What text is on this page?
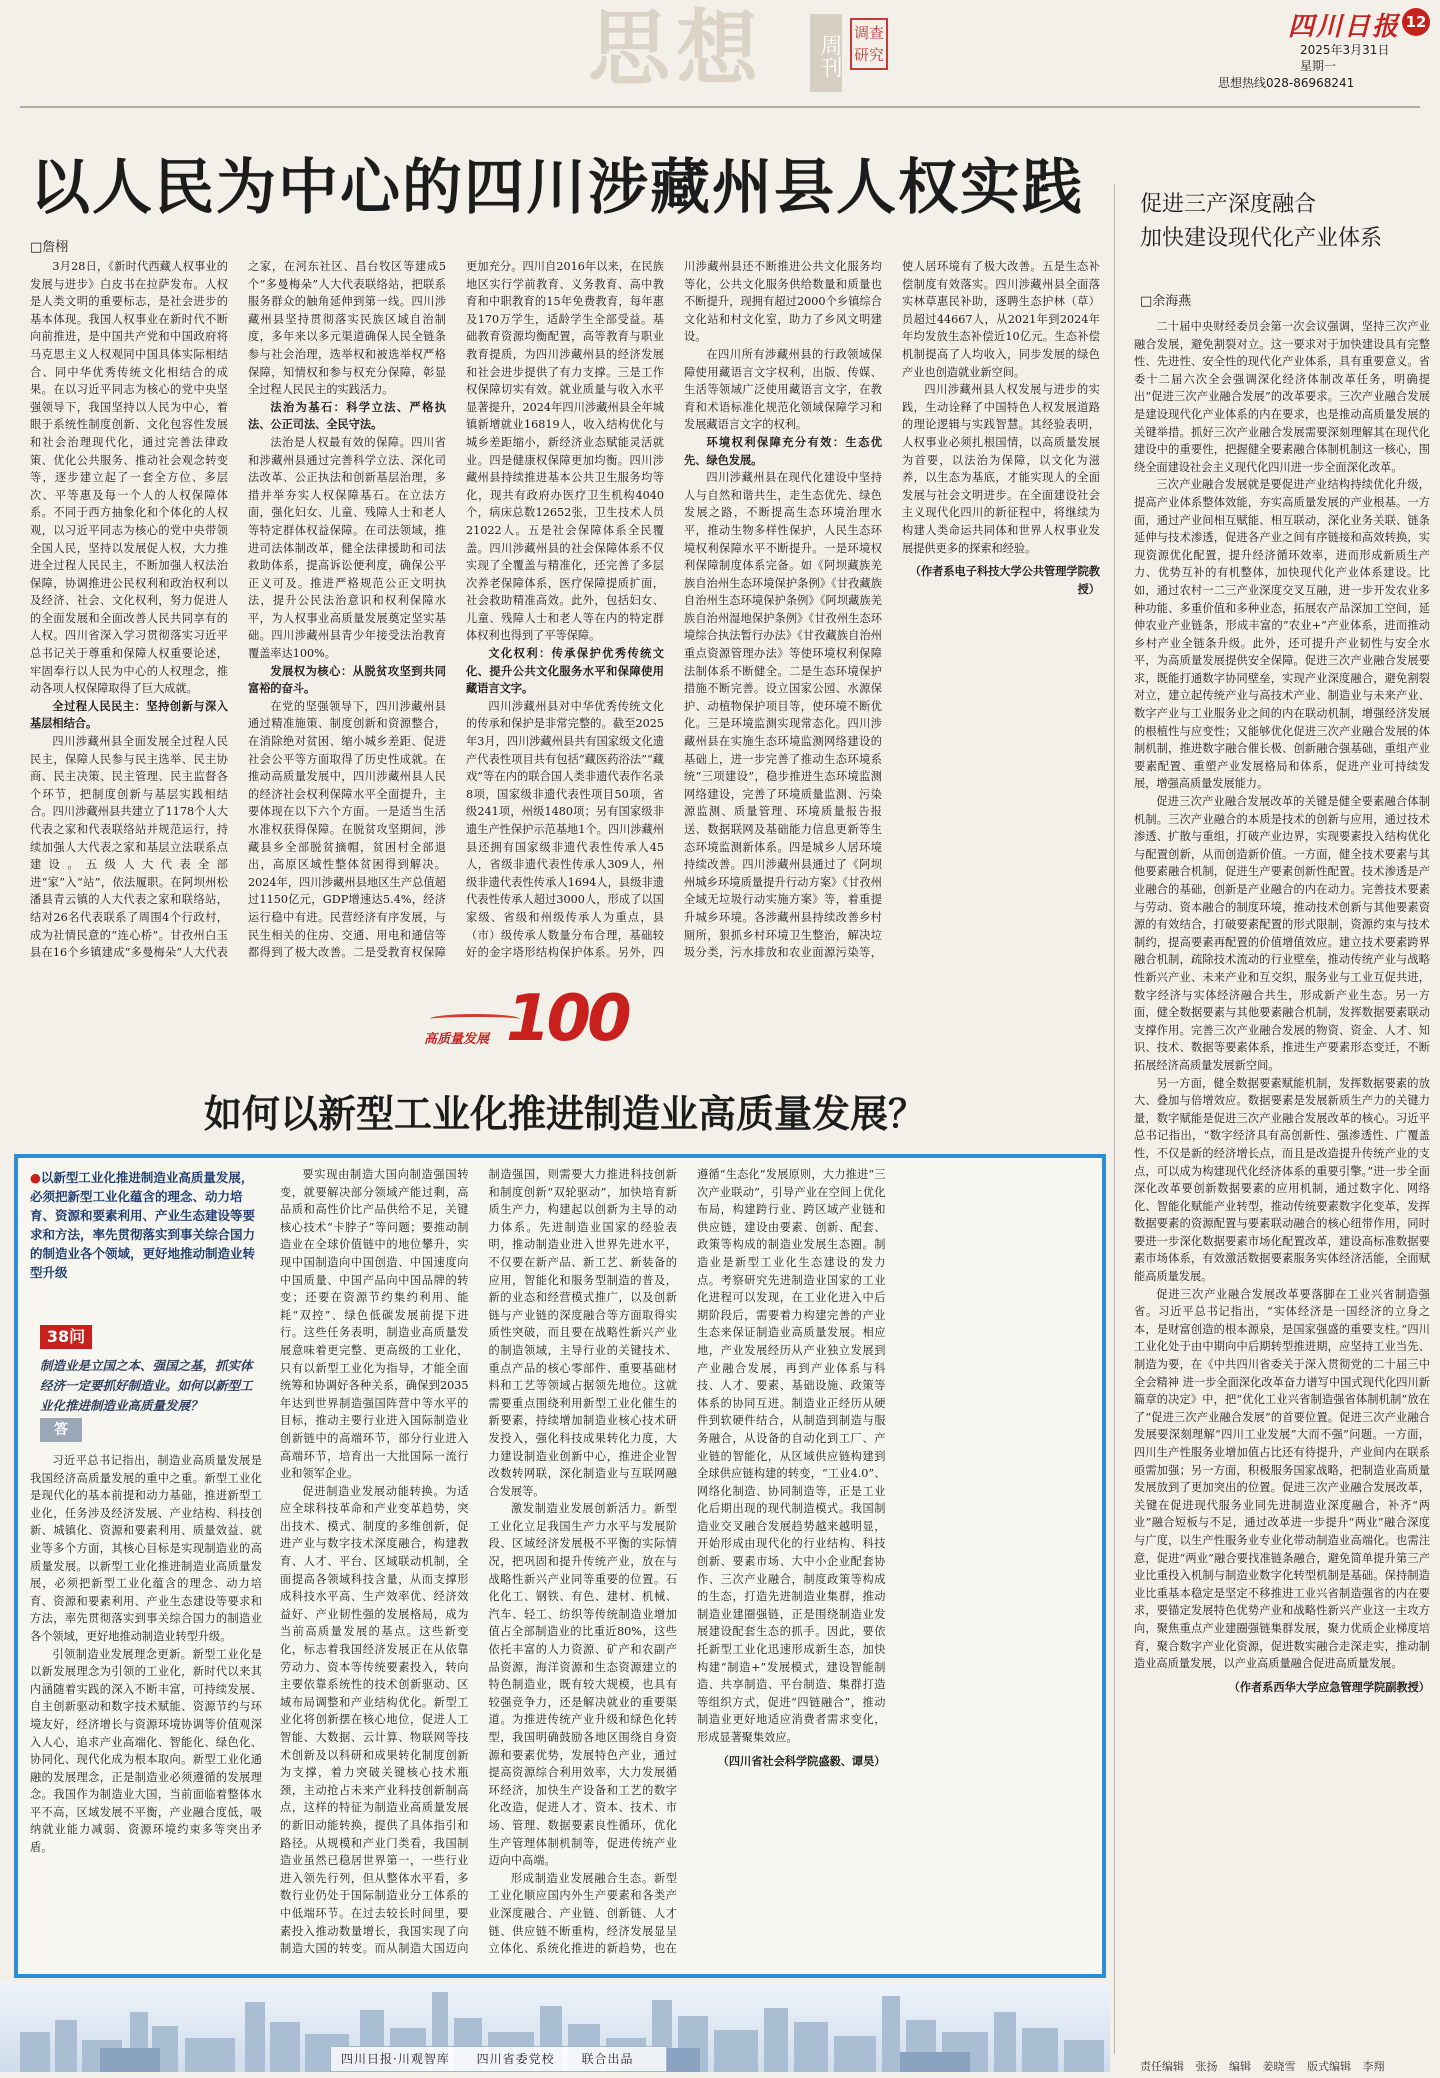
思想	周刊
调查研究
四川日报 12
2025年3月31日
星期一
思想热线028-86968241
以人民为中心的四川涉藏州县人权实践
□詹栩

3月28日，《新时代西藏人权事业的发展与进步》白皮书在拉萨发布。人权是人类文明的重要标志，是社会进步的基本体现。我国人权事业在新时代不断向前推进，是中国共产党和中国政府将马克思主义人权观同中国具体实际相结合、同中华优秀传统文化相结合的成果。在以习近平同志为核心的党中央坚强领导下，我国坚持以人民为中心，着眼于系统性制度创新、文化包容性发展和社会治理现代化，通过完善法律政策、优化公共服务、推动社会观念转变等，逐步建立起了一套全方位、多层次、平等惠及每一个人的人权保障体系。不同于西方抽象化和个体化的人权观，以习近平同志为核心的党中央带领全国人民，坚持以发展促人权，大力推进全过程人民民主，不断加强人权法治保障，协调推进公民权利和政治权利以及经济、社会、文化权利，努力促进人的全面发展和全面改善人民共同享有的人权。四川省深入学习贯彻落实习近平总书记关于尊重和保障人权重要论述，牢固奉行以人民为中心的人权理念，推动各项人权保障取得了巨大成就。

全过程人民民主：坚持创新与深入基层相结合。

四川涉藏州县全面发展全过程人民民主，保障人民参与民主选举、民主协商、民主决策、民主管理、民主监督各个环节，把制度创新与基层实践相结合。四川涉藏州县共建立了1178个人大代表之家和代表联络站并规范运行，持续加强人大代表之家和基层立法联系点建设。五级人大代表全部进“家”入“站”，依法履职。在阿坝州松潘县青云镇的人大代表之家和联络站，结对26名代表联系了周围4个行政村，成为社情民意的“连心桥”。甘孜州白玉县在16个乡镇建成“多曼梅朵”人大代表之家，在河东社区、昌台牧区等建成5个“多曼梅朵”人大代表联络站，把联系服务群众的触角延伸到第一线。四川涉藏州县坚持贯彻落实民族区域自治制度，多年来以多元渠道确保人民全链条参与社会治理，选举权和被选举权严格保障，知情权和参与权充分保障，彰显全过程人民民主的实践活力。

法治为基石：科学立法、严格执法、公正司法、全民守法。

法治是人权最有效的保障。四川省和涉藏州县通过完善科学立法、深化司法改革、公正执法和创新基层治理，多措并举夯实人权保障基石。在立法方面，强化妇女、儿童、残障人士和老人等特定群体权益保障。在司法领域，推进司法体制改革，健全法律援助和司法救助体系，提高诉讼便利度，确保公平正义可及。推进严格规范公正文明执法，提升公民法治意识和权利保障水平，为人权事业高质量发展奠定坚实基础。四川涉藏州县青少年接受法治教育覆盖率达100%。

发展权为核心：从脱贫攻坚到共同富裕的奋斗。

在党的坚强领导下，四川涉藏州县通过精准施策、制度创新和资源整合，在消除绝对贫困、缩小城乡差距、促进社会公平等方面取得了历史性成就。在推动高质量发展中，四川涉藏州县人民的经济社会权利保障水平全面提升，主要体现在以下六个方面。一是适当生活水准权获得保障。在脱贫攻坚期间，涉藏县乡全部脱贫摘帽，贫困村全部退出，高原区域性整体贫困得到解决。2024年，四川涉藏州县地区生产总值超过1150亿元，GDP增速达5.4%，经济运行稳中有进。民营经济有序发展，与民生相关的住房、交通、用电和通信等都得到了极大改善。二是受教育权保障更加充分。四川自2016年以来，在民族地区实行学前教育、义务教育、高中教育和中职教育的15年免费教育，每年惠及170万学生，适龄学生全部受益。基础教育资源均衡配置，高等教育与职业教育提质，为四川涉藏州县的经济发展和社会进步提供了有力支撑。三是工作权保障切实有效。就业质量与收入水平显著提升，2024年四川涉藏州县全年城镇新增就业16819人，收入结构优化与城乡差距缩小，新经济业态赋能灵活就业。四是健康权保障更加均衡。四川涉藏州县持续推进基本公共卫生服务均等化，现共有政府办医疗卫生机构4040个，病床总数12652张，卫生技术人员21022人。五是社会保障体系全民覆盖。四川涉藏州县的社会保障体系不仅实现了全覆盖与精准化，还完善了多层次养老保障体系，医疗保障提质扩面，社会救助精准高效。此外，包括妇女、儿童、残障人士和老人等在内的特定群体权利也得到了平等保障。

文化权利：传承保护优秀传统文化、提升公共文化服务水平和保障使用藏语言文字。

四川涉藏州县对中华优秀传统文化的传承和保护是非常完整的。截至2025年3月，四川涉藏州县共有国家级文化遗产代表性项目共有包括“藏医药浴法”“藏戏”等在内的联合国人类非遗代表作名录8项，国家级非遗代表性项目50项，省级241项，州级1480项；另有国家级非遗生产性保护示范基地1个。四川涉藏州县还拥有国家级非遗代表性传承人45人，省级非遗代表性传承人309人，州级非遗代表性传承人1694人，县级非遗代表性传承人超过3000人，形成了以国家级、省级和州级传承人为重点，县（市）级传承人数量分布合理，基础较好的金字塔形结构保护体系。另外，四川涉藏州县还不断推进公共文化服务均等化，公共文化服务供给数量和质量也不断提升，现拥有超过2000个乡镇综合文化站和村文化室，助力了乡风文明建设。

在四川所有涉藏州县的行政领域保障使用藏语言文字权利，出版、传媒、生活等领域广泛使用藏语言文字，在教育和术语标准化规范化领域保障学习和发展藏语言文字的权利。

环境权利保障充分有效：生态优先、绿色发展。

四川涉藏州县在现代化建设中坚持人与自然和谐共生，走生态优先、绿色发展之路，不断提高生态环境治理水平，推动生物多样性保护，人民生态环境权利保障水平不断提升。一是环境权利保障制度体系完备。如《阿坝藏族羌族自治州生态环境保护条例》《甘孜藏族自治州生态环境保护条例》《阿坝藏族羌族自治州湿地保护条例》《甘孜州生态环境综合执法暂行办法》《甘孜藏族自治州重点资源管理办法》等使环境权利保障法制体系不断健全。二是生态环境保护措施不断完善。设立国家公园、水源保护、动植物保护项目等，使环境不断优化。三是环境监测实现常态化。四川涉藏州县在实施生态环境监测网络建设的基础上，进一步完善了推动生态环境系统“三项建设”，稳步推进生态环境监测网络建设，完善了环境质量监测、污染源监测、质量管理、环境质量报告报送、数据联网及基础能力信息更新等生态环境监测新体系。四是城乡人居环境持续改善。四川涉藏州县通过了《阿坝州城乡环境质量提升行动方案》《甘孜州全域无垃圾行动实施方案》等，着重提升城乡环境。各涉藏州县持续改善乡村厕所，狠抓乡村环境卫生整治，解决垃圾分类，污水排放和农业面源污染等，使人居环境有了极大改善。五是生态补偿制度有效落实。四川涉藏州县全面落实林草惠民补助，逐聘生态护林（草）员超过44667人，从2021年到2024年年均发放生态补偿近10亿元。生态补偿机制提高了人均收入，同步发展的绿色产业也创造就业新空间。

四川涉藏州县人权发展与进步的实践，生动诠释了中国特色人权发展道路的理论逻辑与实践智慧。其经验表明，人权事业必须扎根国情，以高质量发展为首要，以法治为保障，以文化为滋养，以生态为基底，才能实现人的全面发展与社会文明进步。在全面建设社会主义现代化四川的新征程中，将继续为构建人类命运共同体和世界人权事业发展提供更多的探索和经验。

（作者系电子科技大学公共管理学院教授）

促进三产深度融合
加快建设现代化产业体系
□余海燕

二十届中央财经委员会第一次会议强调，坚持三次产业融合发展，避免割裂对立。这一要求对于加快建设具有完整性、先进性、安全性的现代化产业体系，具有重要意义。省委十二届六次全会强调深化经济体制改革任务，明确提出“促进三次产业融合发展”的改革要求。三次产业融合发展是建设现代化产业体系的内在要求，也是推动高质量发展的关键举措。抓好三次产业融合发展需要深刻理解其在现代化建设中的重要性，把握健全要素融合体制机制这一核心，围绕全面建设社会主义现代化四川进一步全面深化改革。

三次产业融合发展就是要促进产业结构持续优化升级，提高产业体系整体效能，夯实高质量发展的产业根基。一方面，通过产业间相互赋能、相互联动，深化业务关联、链条延伸与技术渗透，促进各产业之间有序链接和高效转换，实现资源优化配置，提升经济循环效率，进而形成新质生产力、优势互补的有机整体，加快现代化产业体系建设。比如，通过农村一二三产业深度交叉互融，进一步开发农业多种功能、多重价值和多种业态，拓展农产品深加工空间，延伸农业产业链条，形成丰富的“农业+”产业体系，进而推动乡村产业全链条升级。此外，还可提升产业韧性与安全水平，为高质量发展提供安全保障。促进三次产业融合发展要求，既能打通数字协同壁垒，实现产业深度融合，避免割裂对立，建立起传统产业与高技术产业、制造业与未来产业、数字产业与工业服务业之间的内在联动机制，增强经济发展的根植性与应变性；又能够优化促进三次产业融合发展的体制机制，推进数字融合催长极、创新融合强基础，重组产业要素配置、重塑产业发展格局和体系，促进产业可持续发展，增强高质量发展能力。

促进三次产业融合发展改革的关键是健全要素融合体制机制。三次产业融合的本质是技术的创新与应用，通过技术渗透、扩散与重组，打破产业边界，实现要素投入结构优化与配置创新，从而创造新价值。一方面，健全技术要素与其他要素融合机制，促进生产要素创新性配置。技术渗透是产业融合的基础，创新是产业融合的内在动力。完善技术要素与劳动、资本融合的制度环境，推动技术创新与其他要素资源的有效结合，打破要素配置的形式限制，资源约束与技术制约，提高要素再配置的价值增值效应。建立技术要素跨界融合机制，疏除技术流动的行业壁垒，推动传统产业与战略性新兴产业、未来产业和互交织，服务业与工业互促共进，数字经济与实体经济融合共生，形成新产业生态。另一方面，健全数据要素与其他要素融合机制，发挥数据要素联动支撑作用。完善三次产业融合发展的物资、资金、人才、知识、技术、数据等要素体系，推进生产要素形态变迁，不断拓展经济高质量发展新空间。

另一方面，健全数据要素赋能机制，发挥数据要素的放大、叠加与倍增效应。数据要素是发展新质生产力的关键力量，数字赋能是促进三次产业融合发展改革的核心。习近平总书记指出，“数字经济具有高创新性、强渗透性、广覆盖性，不仅是新的经济增长点，而且是改造提升传统产业的支点，可以成为构建现代化经济体系的重要引擎。”进一步全面深化改革要创新数据要素的应用机制，通过数字化、网络化、智能化赋能产业转型，推动传统要素数字化变革，发挥数据要素的资源配置与要素联动融合的核心纽带作用，同时要进一步深化数据要素市场化配置改革，建设高标准数据要素市场体系，有效激活数据要素服务实体经济活能，全面赋能高质量发展。

促进三次产业融合发展改革要落脚在工业兴省制造强省。习近平总书记指出，“实体经济是一国经济的立身之本，是财富创造的根本源泉，是国家强盛的重要支柱。”四川工业化处于由中期向中后期转型推进期，应坚持工业当先、制造为要，在《中共四川省委关于深入贯彻党的二十届三中全会精神 进一步全面深化改革奋力谱写中国式现代化四川新篇章的决定》中，把“优化工业兴省制造强省体制机制”放在了“促进三次产业融合发展”的首要位置。促进三次产业融合发展要深刻理解“四川工业发展”大而不强”问题。一方面，四川生产性服务业增加值占比还有待提升，产业间内在联系亟需加强；另一方面，积极服务国家战略，把制造业高质量发展放到了更加突出的位置。促进三次产业融合发展改革，关键在促进现代服务业同先进制造业深度融合，补齐“两业”融合短板与不足，通过改革进一步提升“两业”融合深度与广度，以生产性服务业专业化带动制造业高端化。也需注意，促进“两业”融合要找准链条融合，避免简单提升第三产业比重投入机制与制造业数字化转型机制是基础。保持制造业比重基本稳定是坚定不移推进工业兴省制造强省的内在要求，要锚定发展特色优势产业和战略性新兴产业这一主攻方向，聚焦重点产业建圈强链集群发展，聚力优质企业梯度培育，聚合数字产业化资源，促进数实融合走深走实，推动制造业高质量发展，以产业高质量融合促进高质量发展。

（作者系西华大学应急管理学院副教授）

高质量发展 100
如何以新型工业化推进制造业高质量发展？
●以新型工业化推进制造业高质量发展，必须把新型工业化蕴含的理念、动力培育、资源和要素利用、产业生态建设等要求和方法，率先贯彻落实到事关综合国力的制造业各个领域，更好地推动制造业转型升级
38问
制造业是立国之本、强国之基，抓实体经济一定要抓好制造业。如何以新型工业化推进制造业高质量发展？
答

习近平总书记指出，制造业高质量发展是我国经济高质量发展的重中之重。新型工业化是现代化的基本前提和动力基础，推进新型工业化，任务涉及经济发展、产业结构、科技创新、城镇化、资源和要素利用、质量效益、就业等多个方面，其核心目标是实现制造业的高质量发展。以新型工业化推进制造业高质量发展，必须把新型工业化蕴含的理念、动力培育、资源和要素利用、产业生态建设等要求和方法，率先贯彻落实到事关综合国力的制造业各个领域，更好地推动制造业转型升级。

引领制造业发展理念更新。新型工业化是以新发展理念为引领的工业化，新时代以来其内涵随着实践的深入不断丰富，可持续发展、自主创新驱动和数字技术赋能、资源节约与环境友好，经济增长与资源环境协调等价值观深入人心，追求产业高端化、智能化、绿色化、协同化、现代化成为根本取向。新型工业化通融的发展理念，正是制造业必须遵循的发展理念。我国作为制造业大国，当前面临着整体水平不高，区域发展不平衡，产业融合度低，吸纳就业能力减弱、资源环境约束多等突出矛盾。

要实现由制造大国向制造强国转变，就要解决部分领域产能过剩，高品质和高性价比产品供给不足，关键核心技术“卡脖子”等问题；要推动制造业在全球价值链中的地位攀升，实现中国制造向中国创造、中国速度向中国质量、中国产品向中国品牌的转变；还要在资源节约集约利用、能耗“双控”、绿色低碳发展前提下进行。这些任务表明，制造业高质量发展意味着更完整、更高级的工业化，只有以新型工业化为指导，才能全面统筹和协调好各种关系，确保到2035年达到世界制造强国阵营中等水平的目标，推动主要行业进入国际制造业创新链中的高端环节，部分行业进入高端环节，培育出一大批国际一流行业和领军企业。

促进制造业发展动能转换。为适应全球科技革命和产业变革趋势，突出技术、模式、制度的多维创新，促进产业与数字技术深度融合，构建教育、人才、平台、区域联动机制，全面提高各领域科技含量，从而支撑形成科技水平高、生产效率优、经济效益好、产业韧性强的发展格局，成为当前高质量发展的基点。这些新变化，标志着我国经济发展正在从依靠劳动力、资本等传统要素投入，转向主要依靠系统性的技术创新驱动、区域布局调整和产业结构优化。新型工业化将创新摆在核心地位，促进人工智能、大数据、云计算、物联网等技术创新及以科研和成果转化制度创新为支撑，着力突破关键核心技术瓶颈，主动抢占未来产业科技创新制高点，这样的特征为制造业高质量发展的新旧动能转换，提供了具体指引和路径。从规模和产业门类看，我国制造业虽然已稳居世界第一，一些行业进入领先行列，但从整体水平看，多数行业仍处于国际制造业分工体系的中低端环节。在过去较长时间里，要素投入推动数量增长，我国实现了向制造大国的转变。而从制造大国迈向制造强国，则需要大力推进科技创新和制度创新“双轮驱动”，加快培育新质生产力，构建起以创新为主导的动力体系。先进制造业国家的经验表明，推动制造业进入世界先进水平，不仅要在新产品、新工艺、新装备的应用，智能化和服务型制造的普及，新的业态和经营模式推广，以及创新链与产业链的深度融合等方面取得实质性突破，而且要在战略性新兴产业的制造领域，主导行业的关键技术、重点产品的核心零部件、重要基础材料和工艺等领域占据领先地位。这就需要重点围绕利用新型工业化催生的新要素，持续增加制造业核心技术研发投入，强化科技成果转化力度，大力建设制造业创新中心，推进企业智改数转网联，深化制造业与互联网融合发展等。

激发制造业发展创新活力。新型工业化立足我国生产力水平与发展阶段、区域经济发展极不平衡的实际情况，把巩固和提升传统产业，放在与战略性新兴产业同等重要的位置。石化化工、钢铁、有色、建材、机械、汽车、轻工、纺织等传统制造业增加值占全部制造业的比重近80%，这些依托丰富的人力资源、矿产和农副产品资源，海洋资源和生态资源建立的特色制造业，既有较大规模，也具有较强竞争力，还是解决就业的重要渠道。为推进传统产业升级和绿色化转型，我国明确鼓励各地区围绕自身资源和要素优势，发展特色产业，通过提高资源综合利用效率，大力发展循环经济，加快生产设备和工艺的数字化改造，促进人才、资本、技术、市场、管理、数据要素良性循环，优化生产管理体制机制等，促进传统产业迈向中高端。

形成制造业发展融合生态。新型工业化顺应国内外生产要素和各类产业深度融合、产业链、创新链、人才链、供应链不断重构，经济发展显呈立体化、系统化推进的新趋势，也在遵循“生态化”发展原则，大力推进“三次产业联动”，引导产业在空间上优化布局，构建跨行业、跨区域产业链和供应链，建设由要素、创新、配套、政策等构成的制造业发展生态圈。制造业是新型工业化生态建设的发力点。考察研究先进制造业国家的工业化进程可以发现，在工业化进入中后期阶段后，需要着力构建完善的产业生态来保证制造业高质量发展。相应地，产业发展经历从产业独立发展到产业融合发展，再到产业体系与科技、人才、要素、基础设施、政策等体系的协同互进。制造业正经历从硬件到软硬件结合，从制造到制造与服务融合，从设备的自动化到工厂、产业链的智能化，从区域供应链构建到全球供应链构建的转变，“工业4.0”、网络化制造、协同制造等，正是工业化后期出现的现代制造模式。我国制造业交叉融合发展趋势越来越明显，开始形成由现代化的行业结构、科技创新、要素市场、大中小企业配套协作、三次产业融合，制度政策等构成的生态，打造先进制造业集群，推动制造业建圈强链，正是围绕制造业发展建设配套生态的抓手。因此，要依托新型工业化迅速形成新生态，加快构建“制造+”发展模式，建设智能制造、共享制造、平台制造、集群打造等组织方式，促进“四链融合”，推动制造业更好地适应消费者需求变化，形成显著聚集效应。

（四川省社会科学院盛毅、谭昊）

四川日报·川观智库 四川省委党校 联合出品
责任编辑 张扬 编辑 姜晓雪 版式编辑 李翔
